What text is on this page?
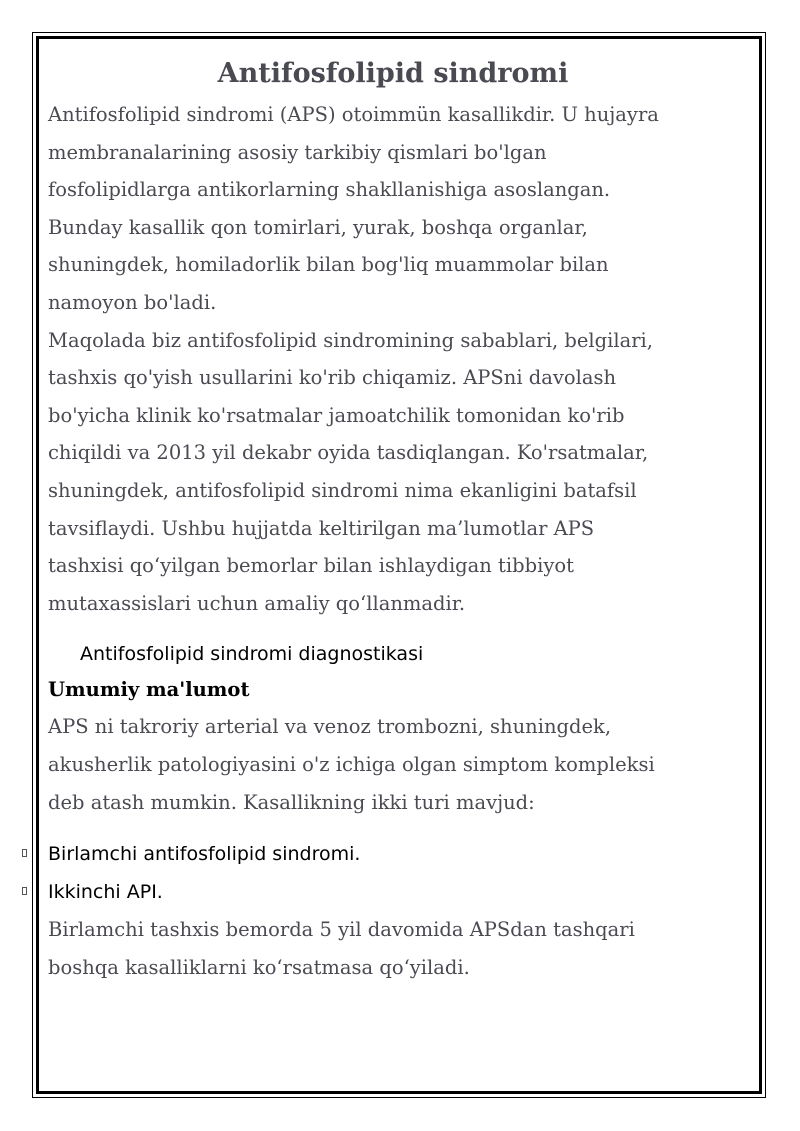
Antifosfolipid sindromi
Antifosfolipid sindromi (APS) otoimmün kasallikdir. U hujayra
membranalarining asosiy tarkibiy qismlari bo'lgan
fosfolipidlarga antikorlarning shakllanishiga asoslangan.
Bunday kasallik qon tomirlari, yurak, boshqa organlar,
shuningdek, homiladorlik bilan bog'liq muammolar bilan
namoyon bo'ladi.
Maqolada biz antifosfolipid sindromining sabablari, belgilari,
tashxis qo'yish usullarini ko'rib chiqamiz. APSni davolash
bo'yicha klinik ko'rsatmalar jamoatchilik tomonidan ko'rib
chiqildi va 2013 yil dekabr oyida tasdiqlangan. Ko'rsatmalar,
shuningdek, antifosfolipid sindromi nima ekanligini batafsil
tavsiflaydi. Ushbu hujjatda keltirilgan ma’lumotlar APS
tashxisi qo‘yilgan bemorlar bilan ishlaydigan tibbiyot
mutaxassislari uchun amaliy qo‘llanmadir.
Antifosfolipid sindromi diagnostikasi
Umumiy ma'lumot
APS ni takroriy arterial va venoz trombozni, shuningdek,
akusherlik patologiyasini o'z ichiga olgan simptom kompleksi
deb atash mumkin. Kasallikning ikki turi mavjud:
Birlamchi antifosfolipid sindromi.
Ikkinchi API.
Birlamchi tashxis bemorda 5 yil davomida APSdan tashqari
boshqa kasalliklarni ko‘rsatmasa qo‘yiladi.
